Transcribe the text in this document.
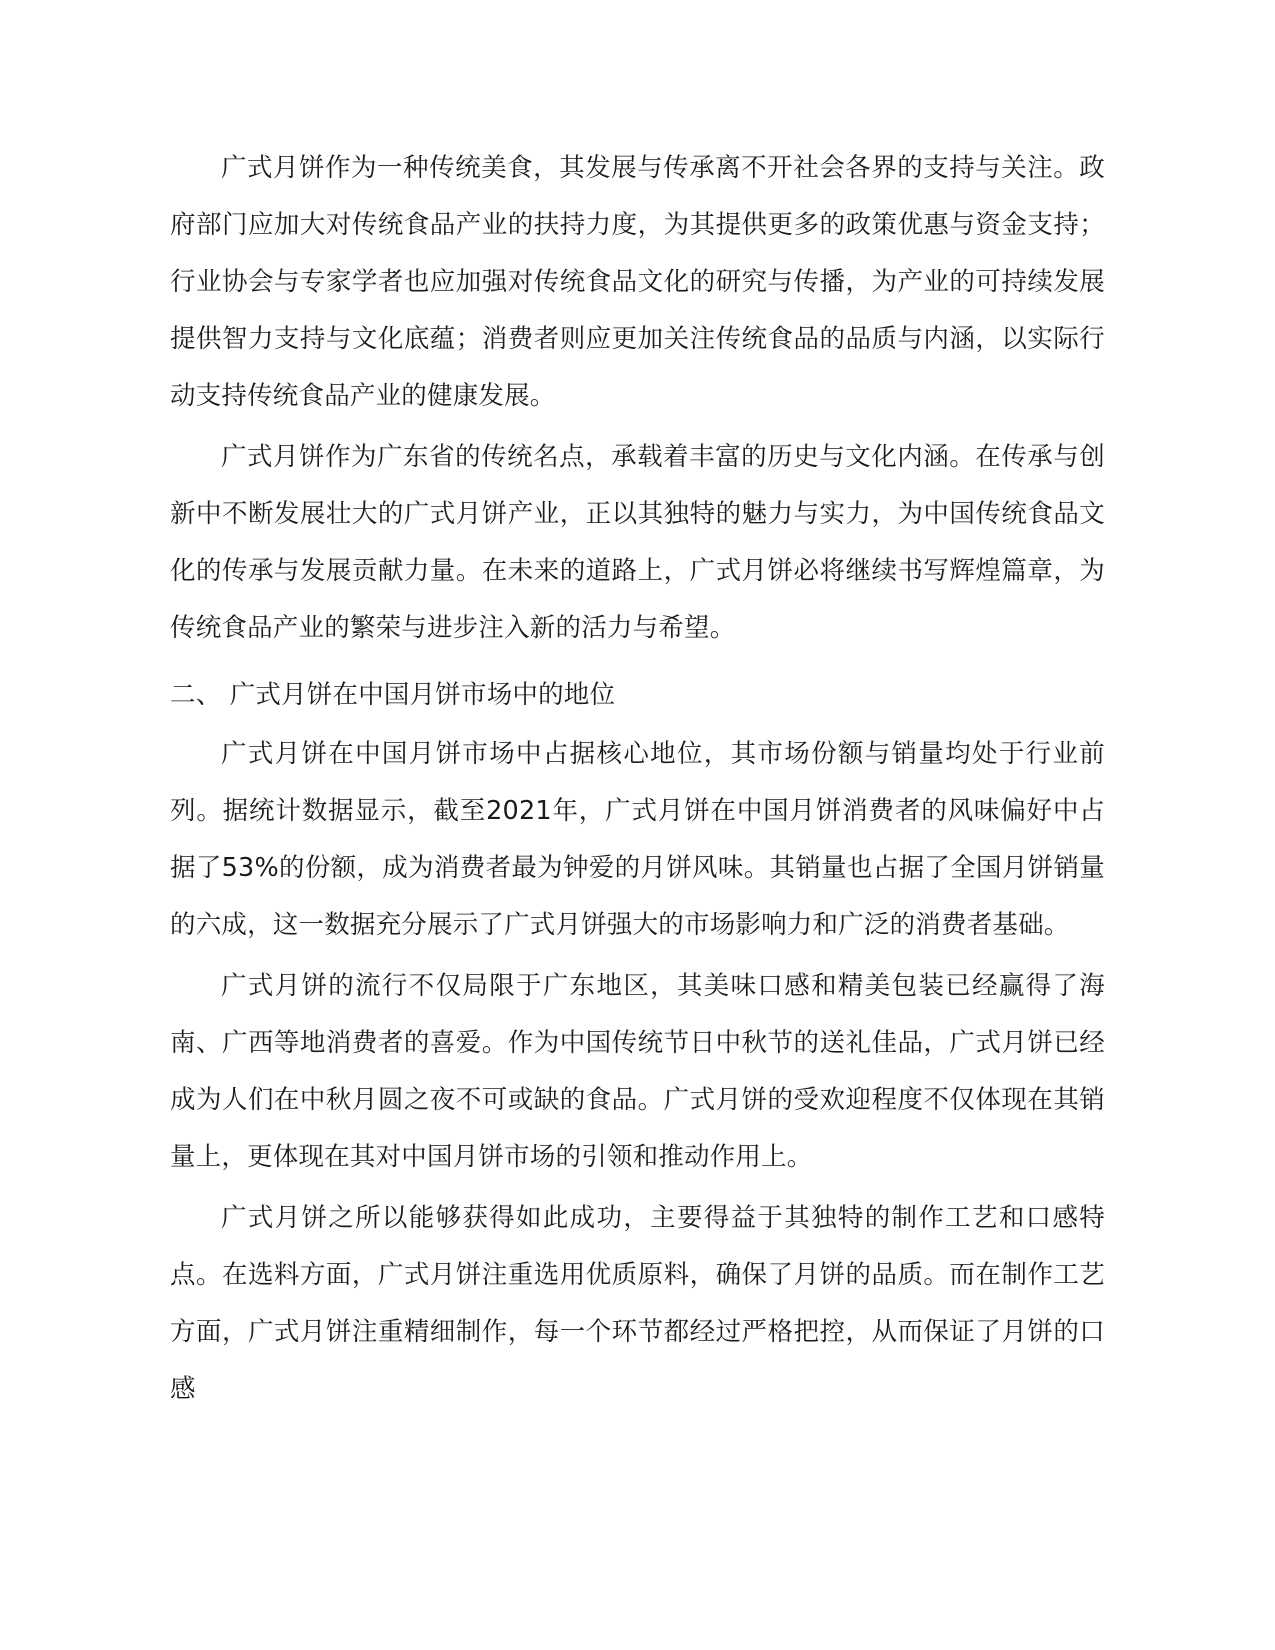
广式月饼作为一种传统美食，其发展与传承离不开社会各界的支持与关注。政府部门应加大对传统食品产业的扶持力度，为其提供更多的政策优惠与资金支持；行业协会与专家学者也应加强对传统食品文化的研究与传播，为产业的可持续发展提供智力支持与文化底蕴；消费者则应更加关注传统食品的品质与内涵，以实际行动支持传统食品产业的健康发展。

广式月饼作为广东省的传统名点，承载着丰富的历史与文化内涵。在传承与创新中不断发展壮大的广式月饼产业，正以其独特的魅力与实力，为中国传统食品文化的传承与发展贡献力量。在未来的道路上，广式月饼必将继续书写辉煌篇章，为传统食品产业的繁荣与进步注入新的活力与希望。

二、 广式月饼在中国月饼市场中的地位

广式月饼在中国月饼市场中占据核心地位，其市场份额与销量均处于行业前列。据统计数据显示，截至2021年，广式月饼在中国月饼消费者的风味偏好中占据了53%的份额，成为消费者最为钟爱的月饼风味。其销量也占据了全国月饼销量的六成，这一数据充分展示了广式月饼强大的市场影响力和广泛的消费者基础。

广式月饼的流行不仅局限于广东地区，其美味口感和精美包装已经赢得了海南、广西等地消费者的喜爱。作为中国传统节日中秋节的送礼佳品，广式月饼已经成为人们在中秋月圆之夜不可或缺的食品。广式月饼的受欢迎程度不仅体现在其销量上，更体现在其对中国月饼市场的引领和推动作用上。

广式月饼之所以能够获得如此成功，主要得益于其独特的制作工艺和口感特点。在选料方面，广式月饼注重选用优质原料，确保了月饼的品质。而在制作工艺方面，广式月饼注重精细制作，每一个环节都经过严格把控，从而保证了月饼的口感
